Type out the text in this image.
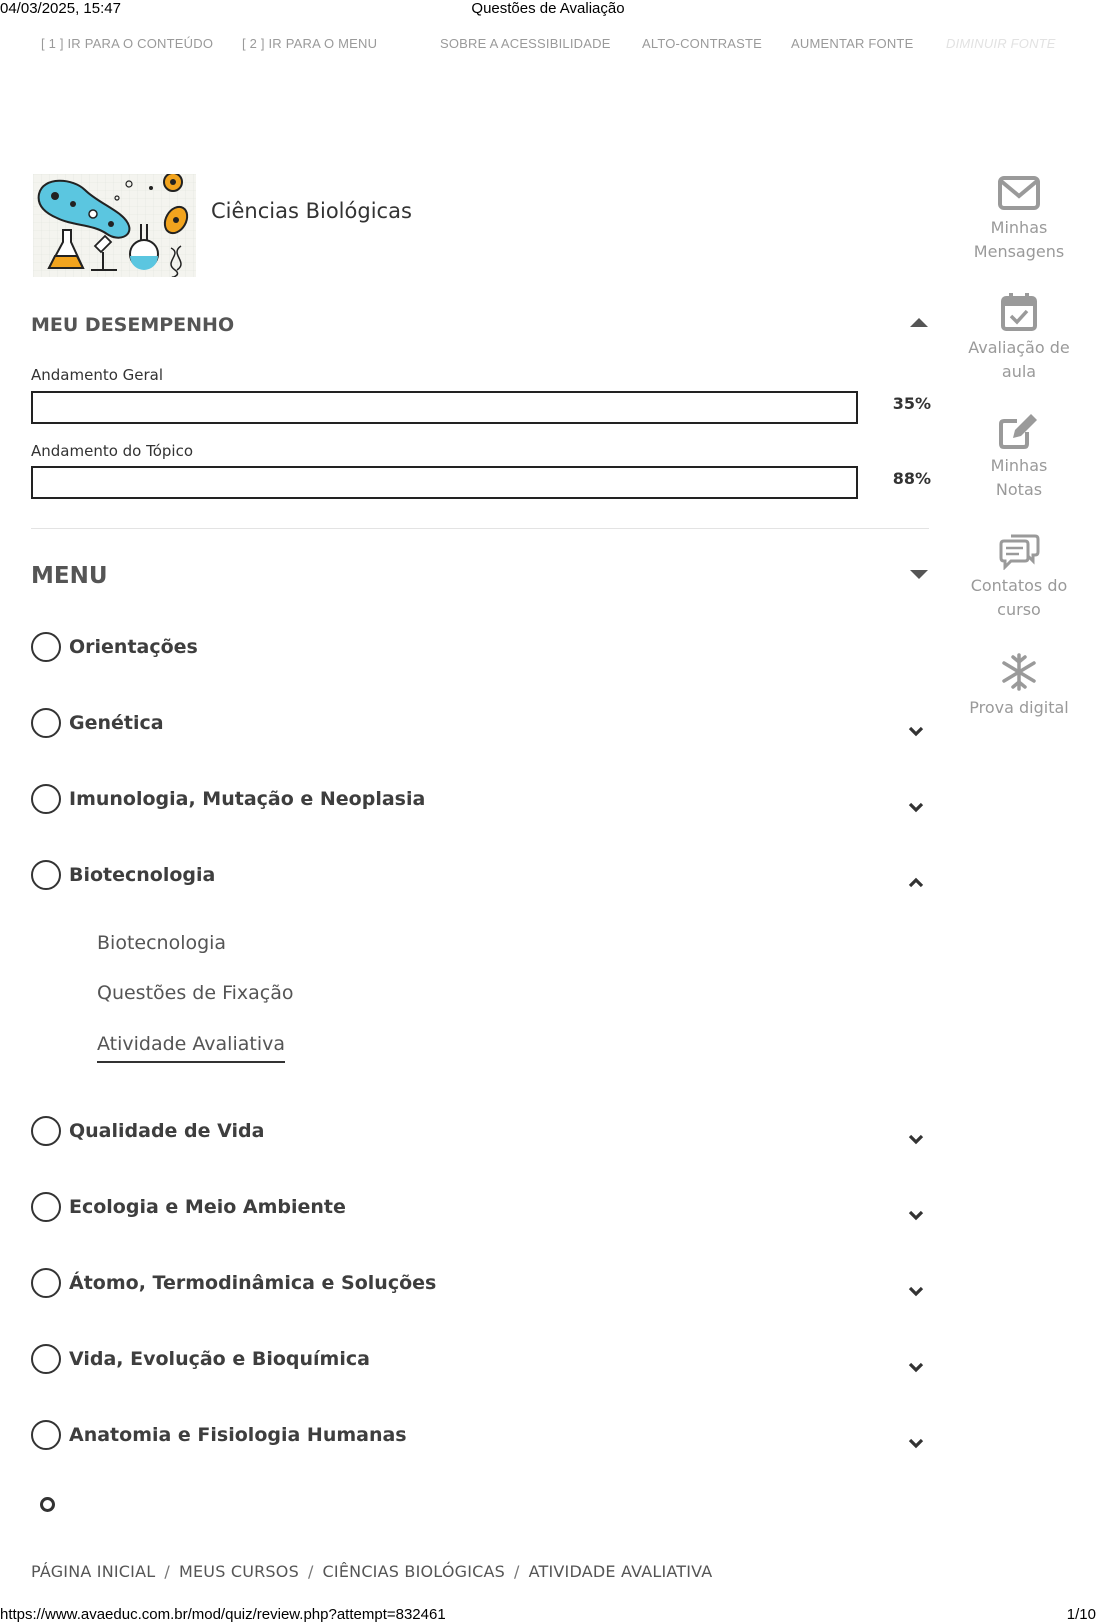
04/03/2025, 15:47	Questões de Avaliação
[ 1 ] IR PARA O CONTEÚDO [ 2 ] IR PARA O MENU	SOBRE A ACESSIBILIDADE ALTO-CONTRASTE AUMENTAR FONTE	DIMINUIR FONTE
Ciências Biológicas
Minhas
Mensagens
Avaliação de
aula
Minhas
Notas
Contatos do
curso
Prova digital
MEU DESEMPENHO
Andamento Geral
35%
Andamento do Tópico
88%
MENU
Orientações
Genética
Imunologia, Mutação e Neoplasia
Biotecnologia
Biotecnologia
Questões de Fixação
Atividade Avaliativa
Qualidade de Vida
Ecologia e Meio Ambiente
Átomo, Termodinâmica e Soluções
Vida, Evolução e Bioquímica
Anatomia e Fisiologia Humanas
PÁGINA INICIAL / MEUS CURSOS / CIÊNCIAS BIOLÓGICAS / ATIVIDADE AVALIATIVA
https://www.avaeduc.com.br/mod/quiz/review.php?attempt=832461	1/10
